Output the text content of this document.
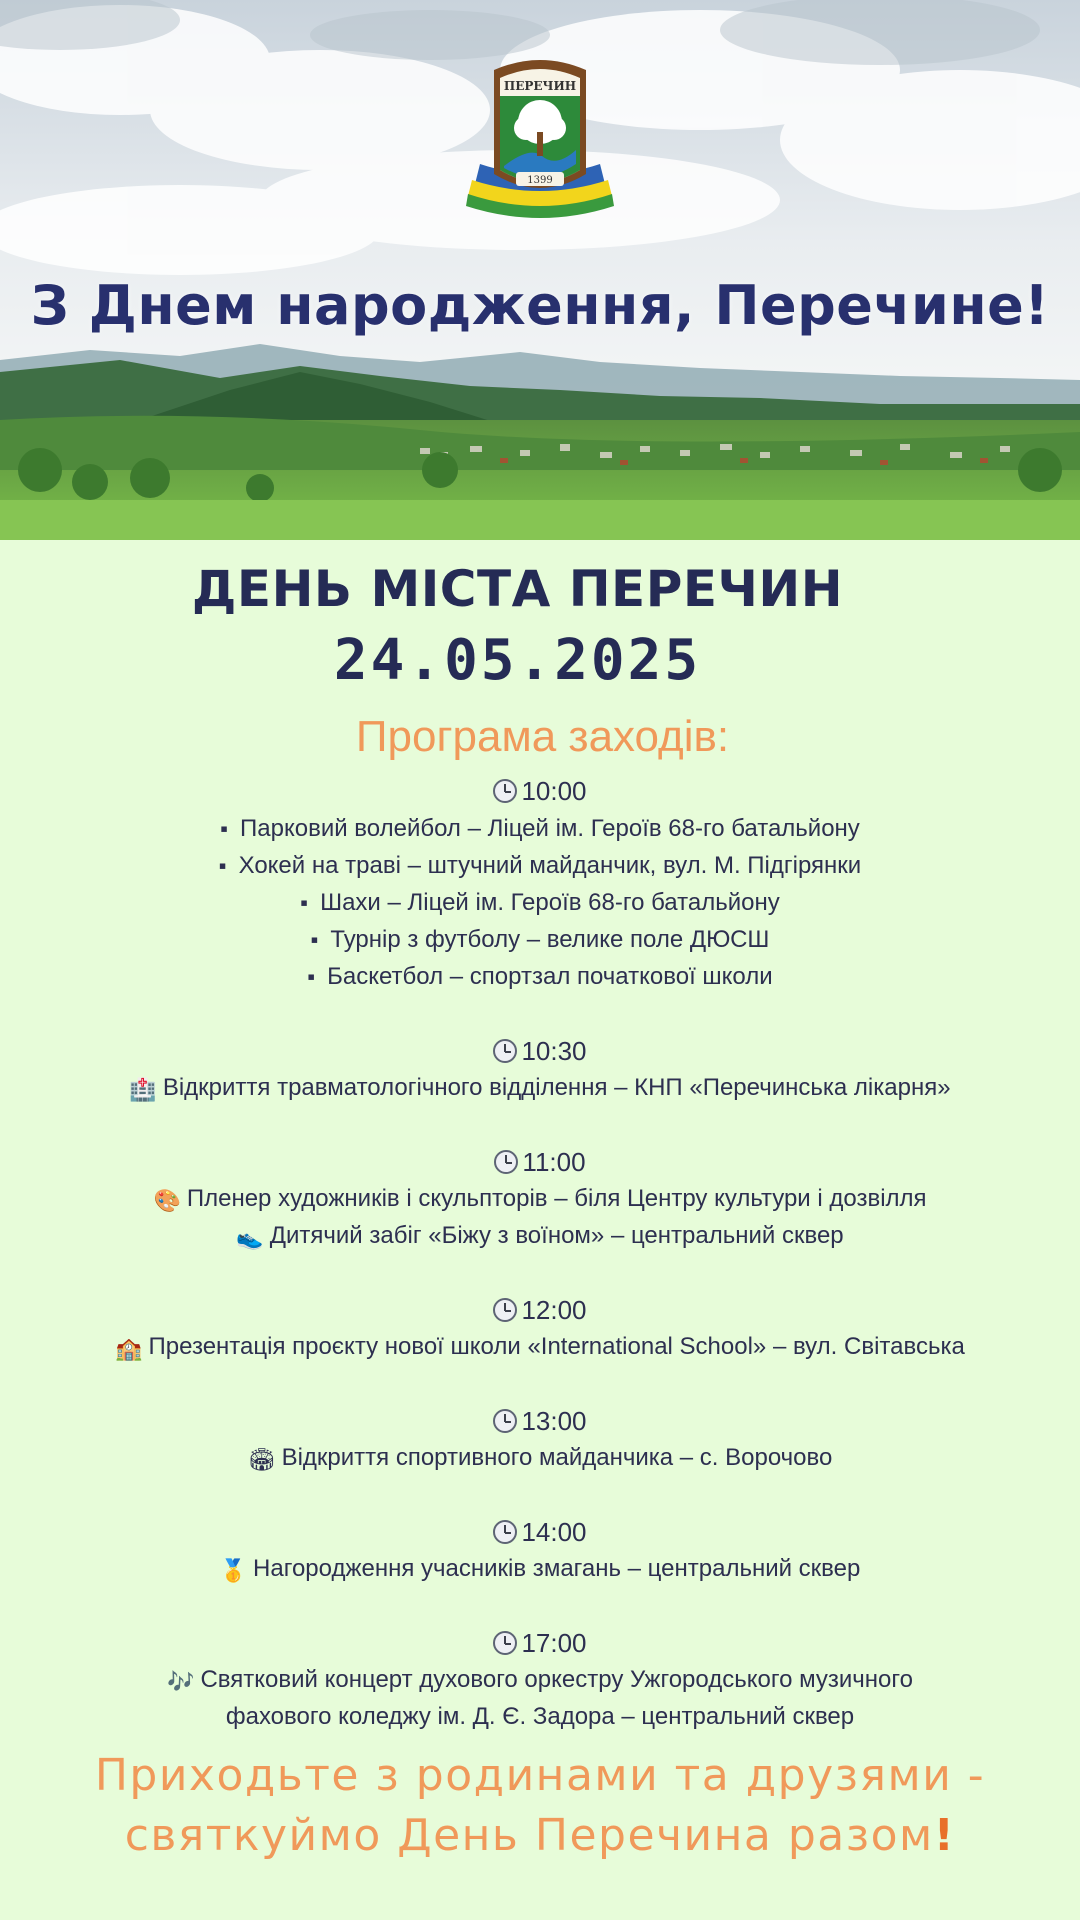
ПЕРЕЧИН
1399
З Днем народження, Перечине!
ДЕНЬ МІСТА ПЕРЕЧИН
24.05.2025
Програма заходів:
10:00
▪ Парковий волейбол – Ліцей ім. Героїв 68-го батальйону
▪ Хокей на траві – штучний майданчик, вул. М. Підгірянки
▪ Шахи – Ліцей ім. Героїв 68-го батальйону
▪ Турнір з футболу – велике поле ДЮСШ
▪ Баскетбол – спортзал початкової школи
10:30
🏥 Відкриття травматологічного відділення – КНП «Перечинська лікарня»
11:00
🎨 Пленер художників і скульпторів – біля Центру культури і дозвілля
👟 Дитячий забіг «Біжу з воїном» – центральний сквер
12:00
🏫 Презентація проєкту нової школи «International School» – вул. Світавська
13:00
🏟 Відкриття спортивного майданчика – с. Ворочово
14:00
🥇 Нагородження учасників змагань – центральний сквер
17:00
🎶 Святковий концерт духового оркестру Ужгородського музичного
фахового коледжу ім. Д. Є. Задора – центральний сквер
Приходьте з родинами та друзями -
святкуймо День Перечина разом!
